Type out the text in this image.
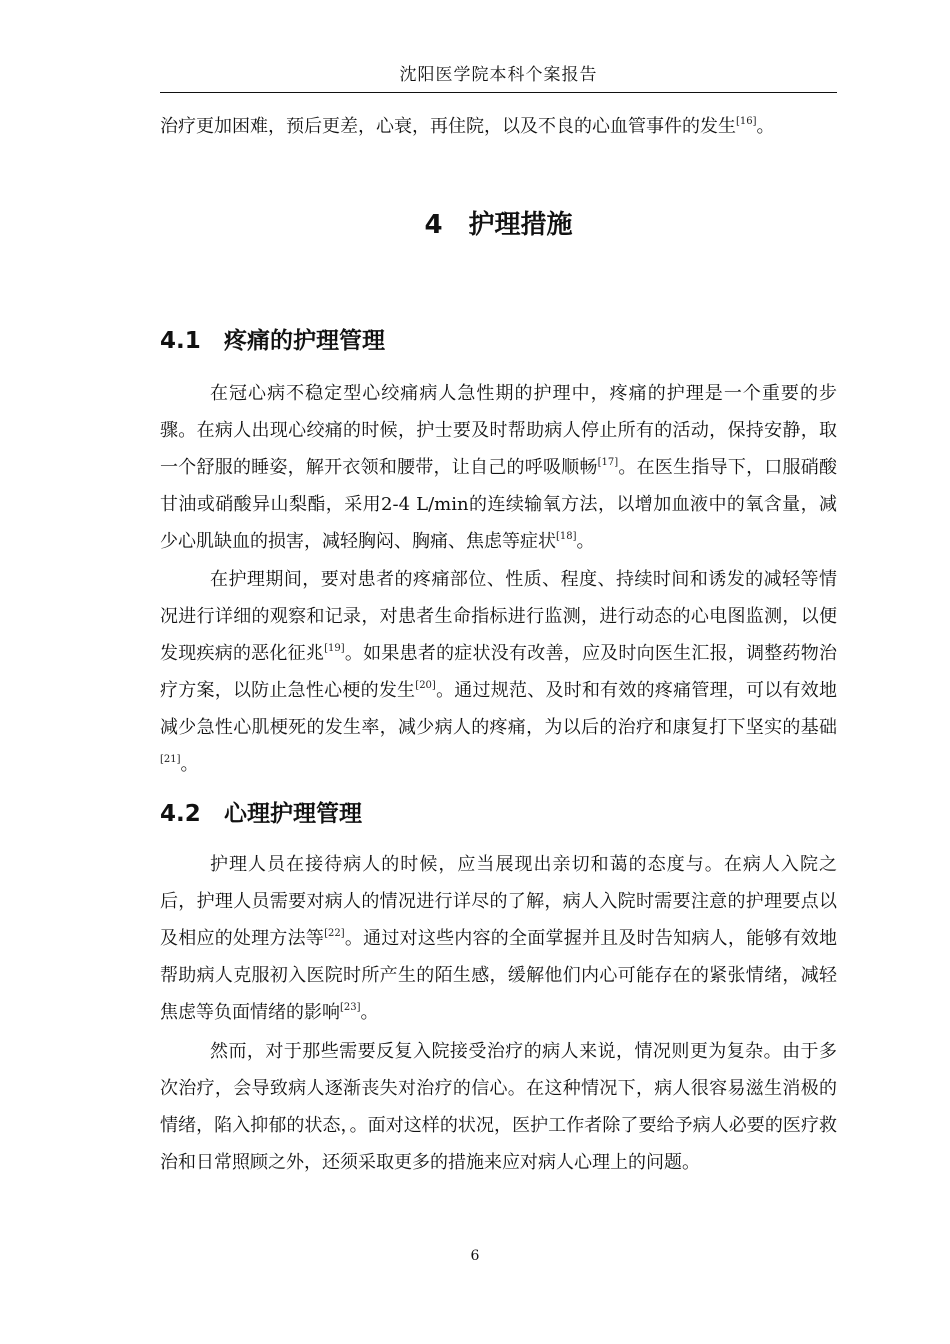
沈阳医学院本科个案报告

治疗更加困难，预后更差，心衰，再住院，以及不良的心血管事件的发生[16]。

4 护理措施
4.1 疼痛的护理管理

在冠心病不稳定型心绞痛病人急性期的护理中，疼痛的护理是一个重要的步骤。在病人出现心绞痛的时候，护士要及时帮助病人停止所有的活动，保持安静，取一个舒服的睡姿，解开衣领和腰带，让自己的呼吸顺畅[17]。在医生指导下，口服硝酸甘油或硝酸异山梨酯，采用2-4 L/min的连续输氧方法，以增加血液中的氧含量，减少心肌缺血的损害，减轻胸闷、胸痛、焦虑等症状[18]。

在护理期间，要对患者的疼痛部位、性质、程度、持续时间和诱发的减轻等情况进行详细的观察和记录，对患者生命指标进行监测，进行动态的心电图监测，以便发现疾病的恶化征兆[19]。如果患者的症状没有改善，应及时向医生汇报，调整药物治疗方案，以防止急性心梗的发生[20]。通过规范、及时和有效的疼痛管理，可以有效地减少急性心肌梗死的发生率，减少病人的疼痛，为以后的治疗和康复打下坚实的基础[21]。

4.2 心理护理管理

护理人员在接待病人的时候，应当展现出亲切和蔼的态度与。在病人入院之后，护理人员需要对病人的情况进行详尽的了解，病人入院时需要注意的护理要点以及相应的处理方法等[22]。通过对这些内容的全面掌握并且及时告知病人，能够有效地帮助病人克服初入医院时所产生的陌生感，缓解他们内心可能存在的紧张情绪，减轻焦虑等负面情绪的影响[23]。

然而，对于那些需要反复入院接受治疗的病人来说，情况则更为复杂。由于多次治疗，会导致病人逐渐丧失对治疗的信心。在这种情况下，病人很容易滋生消极的情绪，陷入抑郁的状态，。面对这样的状况，医护工作者除了要给予病人必要的医疗救治和日常照顾之外，还须采取更多的措施来应对病人心理上的问题。

6
